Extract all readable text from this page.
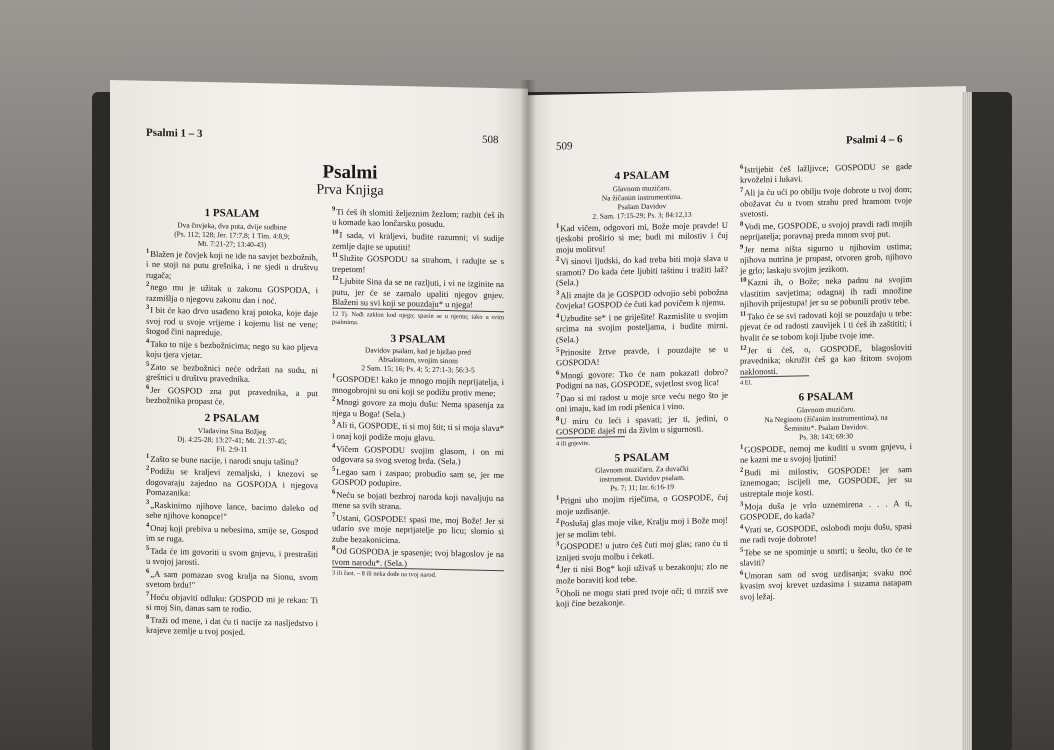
Psalmi 1 – 3
508
Psalmi
Prva Knjiga
1 PSALAM

Dva čovjeka, dva puta, dvije sudbine

(Ps. 112; 128; Jer. 17:7,8; 1 Tim. 4:8,9;

Mt. 7:21-27; 13:40-43)

$^1$Blažen je čovjek koji ne ide na savjet bezbožnih, i ne stoji na putu grešnika, i ne sjedi u društvu rugača;

$^2$nego mu je užitak u zakonu GOSPODA, i razmišlja o njegovu zakonu dan i noć.

$^3$I bit će kao drvo usađeno kraj potoka, koje daje svoj rod u svoje vrijeme i kojemu list ne vene; štogod čini napreduje.

$^4$Tako to nije s bezbožnicima; nego su kao pljeva koju tjera vjetar.

$^5$Zato se bezbožnici neće održati na sudu, ni grešnici u društvu pravednika.

$^6$Jer GOSPOD zna put pravednika, a put bezbožnika propast će.

2 PSALAM

Vladavina Sina Božjeg

Dj. 4:25-28; 13:27-41; Mt. 21:37-45;

Fil. 2:9-11

$^1$Zašto se bune nacije, i narodi snuju tašinu?

$^2$Podižu se kraljevi zemaljski, i knezovi se dogovaraju zajedno na GOSPODA i njegova Pomazanika:

$^3$„Raskinimo njihove lance, bacimo daleko od sebe njihove konopce!"

$^4$Onaj koji prebiva u nebesima, smije se, Gospod im se ruga.

$^5$Tada će im govoriti u svom gnjevu, i prestrašiti u svojoj jarosti.

$^6$„A sam pomazao svog kralja na Sionu, svom svetom brdu!"

$^7$Hoću objaviti odluku: GOSPOD mi je rekao: Ti si moj Sin, danas sam te rodio.

$^8$Traži od mene, i dat ću ti nacije za naslјedstvo i krajeve zemlje u tvoj posjed.

$^9$Ti ćeš ih slomiti željeznim žezlom; razbit ćeš ih u komade kao lončarsku posudu.

$^{10}$I sada, vi kraljevi, budite razumni; vi sudije zemlje dajte se uputiti!

$^{11}$Služite GOSPODU sa strahom, i radujte se s trepetom!

$^{12}$Ljubite Sina da se ne razljuti, i vi ne izginite na putu, jer će se zamalo upaliti njegov gnjev. Blaženi su svi koji se pouzdaju* u njega!

12 Tj. Nađi zaklon kod njega; spasin se u njemu; tako u svim psalmima.

3 PSALAM

Davidov psalam, kad je bježao pred

Absalomom, svojim sinom

2 Sam. 15; 16; Ps. 4; 5; 27:1-3; 56:3-5

$^1$GOSPODE! kako je mnogo mojih neprijatelja, i mnogobrojni su oni koji se podižu protiv mene;

$^2$Mnogi govore za moju dušu: Nema spasenja za njega u Boga! (Sela.)

$^3$Ali ti, GOSPODE, ti si moj štit; ti si moja slava* i onaj koji podiže moju glavu.

$^4$Vičem GOSPODU svojim glasom, i on mi odgovara sa svog svetog brda. (Sela.)

$^5$Legao sam i zaspao; probudio sam se, jer me GOSPOD podupire.

$^6$Neću se bojati bezbroj naroda koji navaljuju na mene sa svih strana.

$^7$Ustani, GOSPODE! spasi me, moj Bože! Jer si udario sve moje neprijatelje po licu; slomio si zube bezakonicima.

$^8$Od GOSPODA je spasenje; tvoj blagoslov je na tvom narodu*. (Sela.)

3 ili čast. – 8 ili neka dođe na tvoj narod.

509	Psalmi 4 – 6
4 PSALAM

Glavnom muzičaru.

Na žičanim instrumentima.

Psalam Davidov

2. Sam. 17:15-29; Ps. 3; 84:12,13

$^1$Kad vičem, odgovori mi, Bože moje pravde! U tjeskobi proširio si me; budi mi milostiv i čuj moju molitvu!

$^2$Vi sinovi ljudski, do kad treba biti moja slava u sramoti? Do kada ćete ljubiti taštinu i tražiti laž? (Sela.)

$^3$Ali znajte da je GOSPOD odvojio sebi pobožna čovjeka! GOSPOD će čuti kad povičem k njemu.

$^4$Uzbudite se* i ne griješite! Razmislite u svojim srcima na svojim posteljama, i budite mirni. (Sela.)

$^5$Prinosite žrtve pravde, i pouzdajte se u GOSPODA!

$^6$Mnogi govore: Tko će nam pokazati dobro? Podigni na nas, GOSPODE, svjetlost svog lica!

$^7$Dao si mi radost u moje srce veću nego što je oni imaju, kad im rodi pšenica i vino.

$^8$U miru ću leći i spavati; jer ti, jedini, o GOSPODE daješ mi da živim u sigurnosti.

4 ili gnjevite.

5 PSALAM

Glavnom muzičaru. Za duvački

instrument. Davidov psalam.

Ps. 7; 11; Izr. 6:16-19

$^1$Prigni uho mojim riječima, o GOSPODE, čuj moje uzdisanje.

$^2$Poslušaj glas moje vike, Kralju moj i Bože moj! jer se molim tebi.

$^3$GOSPODE! u jutro ćeš čuti moj glas; rano ću ti iznijeti svoju molbu i čekati.

$^4$Jer ti nisi Bog* koji uživaš u bezakonju; zlo ne može boraviti kod tebe.

$^5$Oholi ne mogu stati pred tvoje oči; ti mrziš sve koji čine bezakonje.

$^6$Istrijebit ćeš lažljivce; GOSPODU se gade krvoželni i lukavi.

$^7$Ali ja ću ući po obilju tvoje dobrote u tvoj dom; obožavat ću u tvom strahu pred hramom tvoje svetosti.

$^8$Vodi me, GOSPODE, u svojoj pravdi radi mojih neprijatelja; poravnaj preda mnom svoj put.

$^9$Jer nema ništa sigurno u njihovim ustima; njihova nutrina je propast, otvoren grob, njihovo je grlo; laskaju svojim jezikom.

$^{10}$Kazni ih, o Bože; neka padnu na svojim vlastitim savjetima; odagnaj ih radi množine njihovih prijestupa! jer su se pobunili protiv tebe.

$^{11}$Tako će se svi radovati koji se pouzdaju u tebe: pjevat će od radosti zauvijek i ti ćeš ih zaštititi; i hvalit će se tobom koji ljube tvoje ime.

$^{12}$Jer ti ćeš, o, GOSPODE, blagosloviti pravednika; okružit ćeš ga kao štitom svojom naklonosti.

4 El.

6 PSALAM

Glavnom muzičaru.

Na Neginotu (žičanim instrumentima), na

Šeminitu*. Psalam Davidov.

Ps. 38; 143; 69:30

$^1$GOSPODE, nemoj me kuditi u svom gnjevu, i ne kazni me u svojoj ljutini!

$^2$Budi mi milostiv, GOSPODE! jer sam iznemogao; iscijeli me, GOSPODE, jer su ustreptale moje kosti.

$^3$Moja duša je vrlo uznemirena . . . A ti, GOSPODE, do kada?

$^4$Vrati se, GOSPODE, oslobodi moju dušu, spasi me radi tvoje dobrote!

$^5$Tebe se ne spominje u smrti; u šeolu, tko će te slaviti?

$^6$Umoran sam od svog uzdisanja; svaku noć kvasim svoj krevet uzdasima i suzama natapam svoj ležaj.
